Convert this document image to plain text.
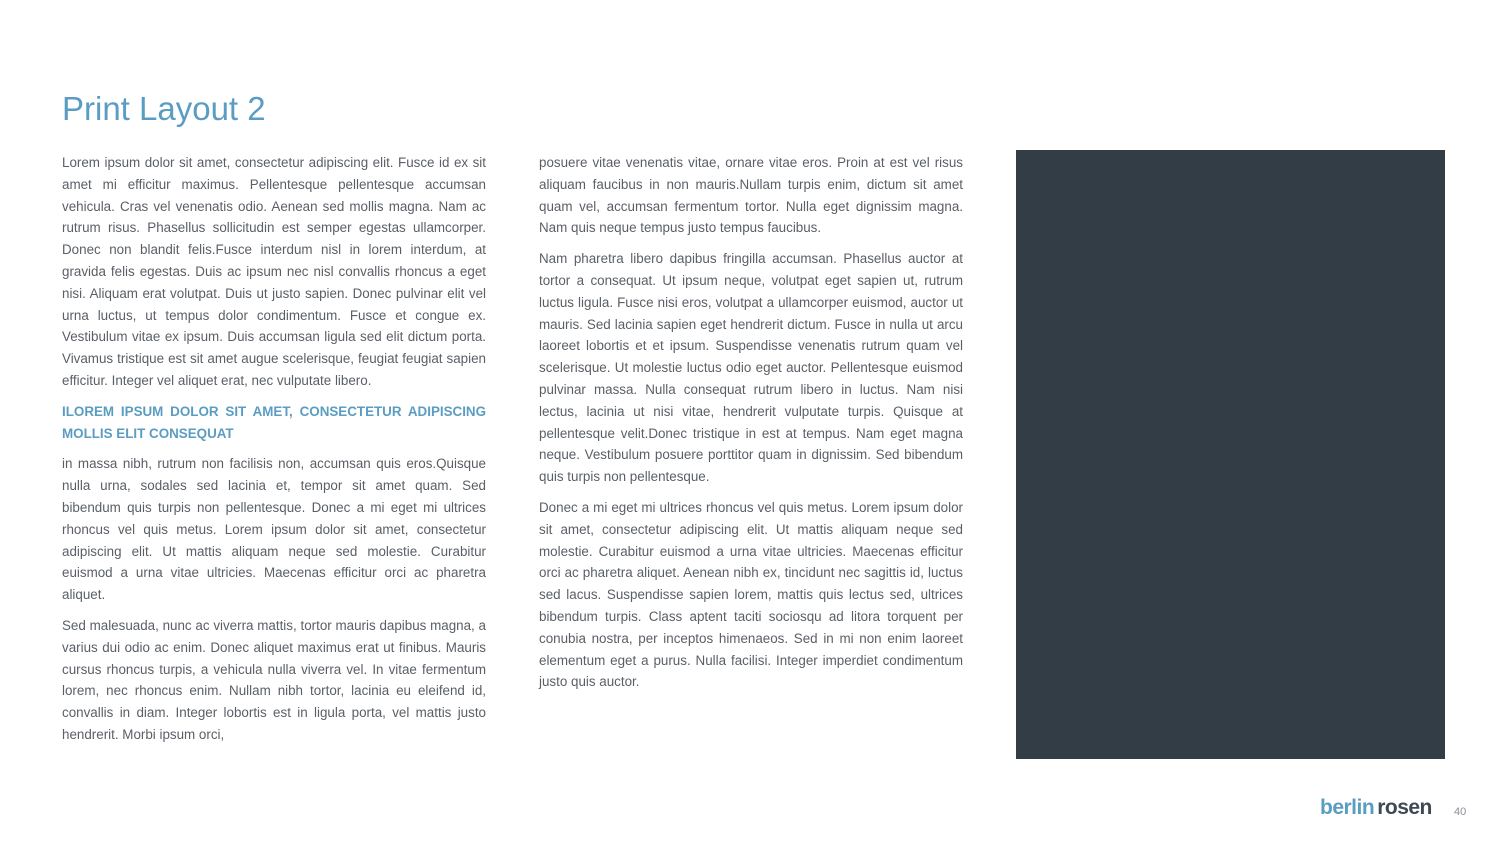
Print Layout 2

Lorem ipsum dolor sit amet, consectetur adipiscing elit. Fusce id ex sit amet mi efficitur maximus. Pellentesque pellentesque accumsan vehicula. Cras vel venenatis odio. Aenean sed mollis magna. Nam ac rutrum risus. Phasellus sollicitudin est semper egestas ullamcorper. Donec non blandit felis.Fusce interdum nisl in lorem interdum, at gravida felis egestas. Duis ac ipsum nec nisl convallis rhoncus a eget nisi. Aliquam erat volutpat. Duis ut justo sapien. Donec pulvinar elit vel urna luctus, ut tempus dolor condimentum. Fusce et congue ex. Vestibulum vitae ex ipsum. Duis accumsan ligula sed elit dictum porta. Vivamus tristique est sit amet augue scelerisque, feugiat feugiat sapien efficitur. Integer vel aliquet erat, nec vulputate libero.

ILOREM IPSUM DOLOR SIT AMET, CONSECTETUR ADIPISCING MOLLIS ELIT CONSEQUAT

in massa nibh, rutrum non facilisis non, accumsan quis eros.Quisque nulla urna, sodales sed lacinia et, tempor sit amet quam. Sed bibendum quis turpis non pellentesque. Donec a mi eget mi ultrices rhoncus vel quis metus. Lorem ipsum dolor sit amet, consectetur adipiscing elit. Ut mattis aliquam neque sed molestie. Curabitur euismod a urna vitae ultricies. Maecenas efficitur orci ac pharetra aliquet.

Sed malesuada, nunc ac viverra mattis, tortor mauris dapibus magna, a varius dui odio ac enim. Donec aliquet maximus erat ut finibus. Mauris cursus rhoncus turpis, a vehicula nulla viverra vel. In vitae fermentum lorem, nec rhoncus enim. Nullam nibh tortor, lacinia eu eleifend id, convallis in diam. Integer lobortis est in ligula porta, vel mattis justo hendrerit. Morbi ipsum orci,

posuere vitae venenatis vitae, ornare vitae eros. Proin at est vel risus aliquam faucibus in non mauris.Nullam turpis enim, dictum sit amet quam vel, accumsan fermentum tortor. Nulla eget dignissim magna. Nam quis neque tempus justo tempus faucibus.

Nam pharetra libero dapibus fringilla accumsan. Phasellus auctor at tortor a consequat. Ut ipsum neque, volutpat eget sapien ut, rutrum luctus ligula. Fusce nisi eros, volutpat a ullamcorper euismod, auctor ut mauris. Sed lacinia sapien eget hendrerit dictum. Fusce in nulla ut arcu laoreet lobortis et et ipsum. Suspendisse venenatis rutrum quam vel scelerisque. Ut molestie luctus odio eget auctor. Pellentesque euismod pulvinar massa. Nulla consequat rutrum libero in luctus. Nam nisi lectus, lacinia ut nisi vitae, hendrerit vulputate turpis. Quisque at pellentesque velit.Donec tristique in est at tempus. Nam eget magna neque. Vestibulum posuere porttitor quam in dignissim. Sed bibendum quis turpis non pellentesque.

Donec a mi eget mi ultrices rhoncus vel quis metus. Lorem ipsum dolor sit amet, consectetur adipiscing elit. Ut mattis aliquam neque sed molestie. Curabitur euismod a urna vitae ultricies. Maecenas efficitur orci ac pharetra aliquet. Aenean nibh ex, tincidunt nec sagittis id, luctus sed lacus. Suspendisse sapien lorem, mattis quis lectus sed, ultrices bibendum turpis. Class aptent taciti sociosqu ad litora torquent per conubia nostra, per inceptos himenaeos. Sed in mi non enim laoreet elementum eget a purus. Nulla facilisi. Integer imperdiet condimentum justo quis auctor.

berlin rosen 40
